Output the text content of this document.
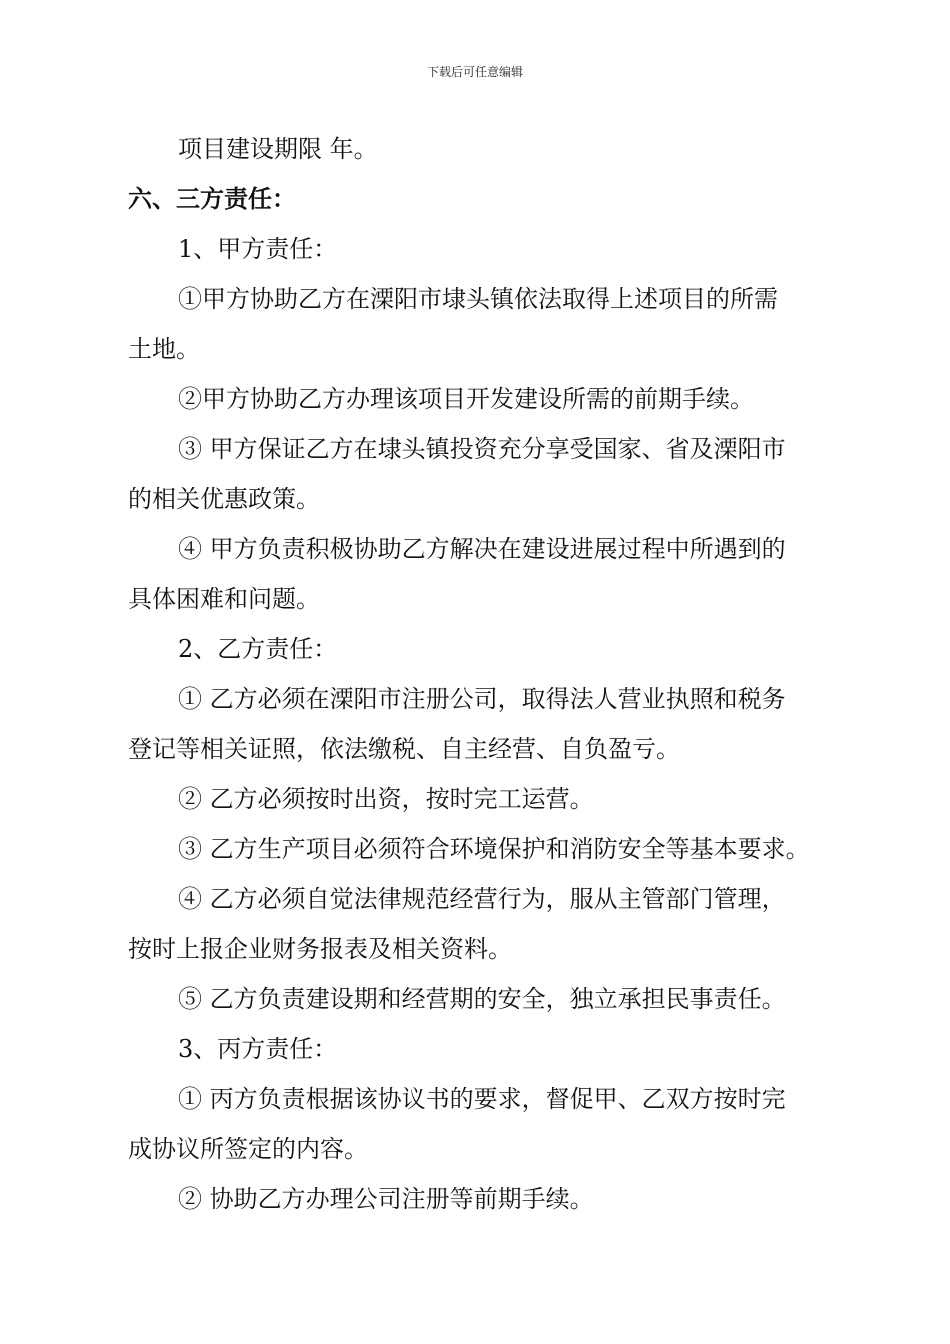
下载后可任意编辑
项目建设期限 年。
六、三方责任：
1、甲方责任：
①甲方协助乙方在溧阳市埭头镇依法取得上述项目的所需
土地。
②甲方协助乙方办理该项目开发建设所需的前期手续。
③ 甲方保证乙方在埭头镇投资充分享受国家、省及溧阳市
的相关优惠政策。
④ 甲方负责积极协助乙方解决在建设进展过程中所遇到的
具体困难和问题。
2、乙方责任：
① 乙方必须在溧阳市注册公司，取得法人营业执照和税务
登记等相关证照，依法缴税、自主经营、自负盈亏。
② 乙方必须按时出资，按时完工运营。
③ 乙方生产项目必须符合环境保护和消防安全等基本要求。
④ 乙方必须自觉法律规范经营行为，服从主管部门管理，
按时上报企业财务报表及相关资料。
⑤ 乙方负责建设期和经营期的安全，独立承担民事责任。
3、丙方责任：
① 丙方负责根据该协议书的要求，督促甲、乙双方按时完
成协议所签定的内容。
② 协助乙方办理公司注册等前期手续。
